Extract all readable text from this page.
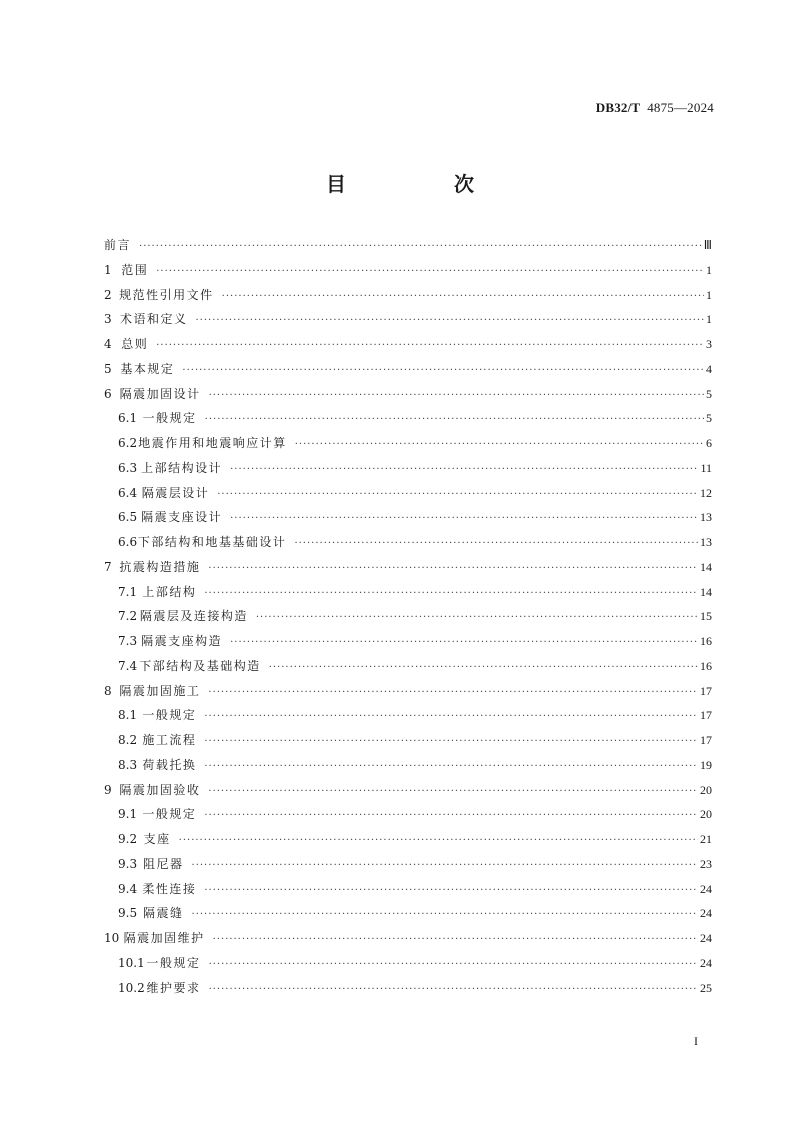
DB32/T 4875—2024
目　次
前言 ·····	Ⅲ
1 范围 ·····	1
2 规范性引用文件 ·····	1
3 术语和定义 ·····	1
4 总则 ·····	3
5 基本规定 ·····	4
6 隔震加固设计 ·····	5
6.1 一般规定 ·····	5
6.2 地震作用和地震响应计算 ·····	6
6.3 上部结构设计 ·····	11
6.4 隔震层设计 ·····	12
6.5 隔震支座设计 ·····	13
6.6 下部结构和地基基础设计 ·····	13
7 抗震构造措施 ·····	14
7.1 上部结构 ·····	14
7.2 隔震层及连接构造 ·····	15
7.3 隔震支座构造 ·····	16
7.4 下部结构及基础构造 ·····	16
8 隔震加固施工 ·····	17
8.1 一般规定 ·····	17
8.2 施工流程 ·····	17
8.3 荷载托换 ·····	19
9 隔震加固验收 ·····	20
9.1 一般规定 ·····	20
9.2 支座 ·····	21
9.3 阻尼器 ·····	23
9.4 柔性连接 ·····	24
9.5 隔震缝 ·····	24
10 隔震加固维护 ·····	24
10.1 一般规定 ·····	24
10.2 维护要求 ·····	25
I
